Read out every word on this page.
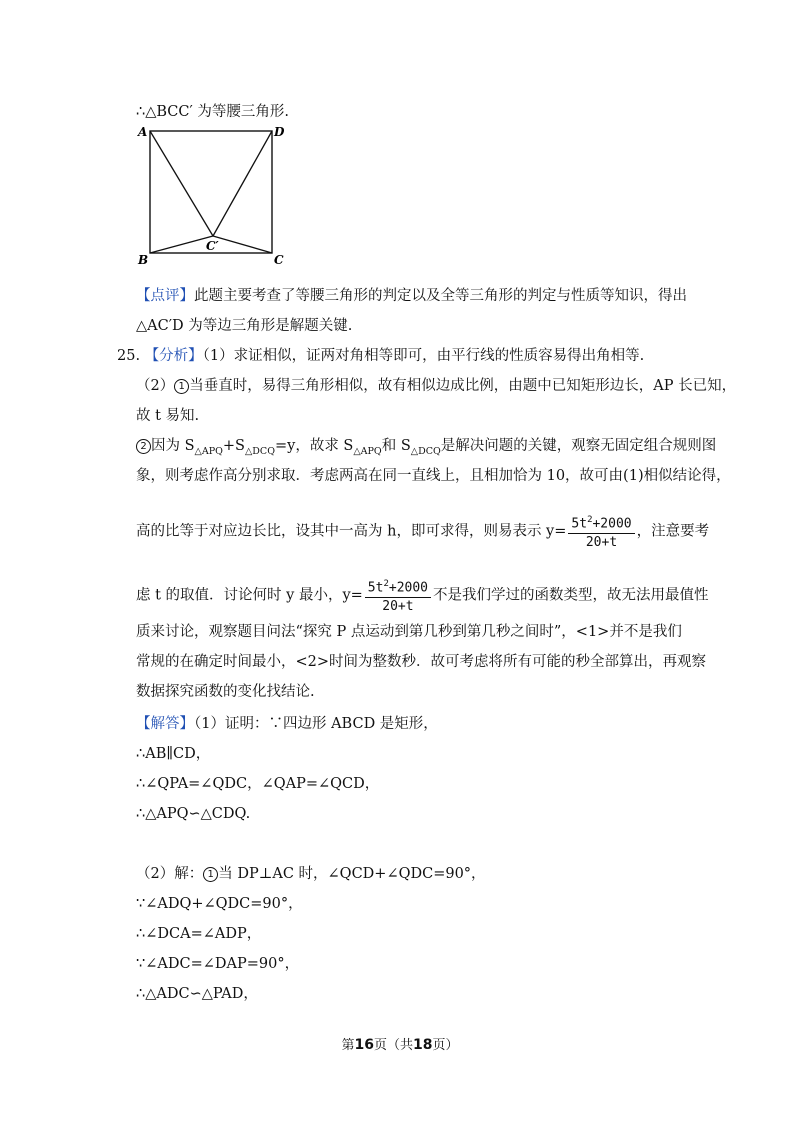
∴△BCC′ 为等腰三角形.
A	D
B	C
C′
【点评】此题主要考查了等腰三角形的判定以及全等三角形的判定与性质等知识，得出
△AC′D 为等边三角形是解题关键.
25. 【分析】（1）求证相似，证两对角相等即可，由平行线的性质容易得出角相等.
（2） 1 当垂直时，易得三角形相似，故有相似边成比例，由题中已知矩形边长，AP 长已知，
故 t 易知.
2 因为 $S_{\triangle APQ}+S_{\triangle DCQ}=y$，故求 $S_{\triangle APQ}$和 $S_{\triangle DCQ}$是解决问题的关键，观察无固定组合规则图
象，则考虑作高分别求取．考虑两高在同一直线上，且相加恰为 10，故可由(1)相似结论得，
高的比等于对应边长比，设其中一高为 h，即可求得，则易表示 $y= \frac{5t^2+2000}{20+t}$ ，注意要考
虑 t 的取值．讨论何时 y 最小，$y= \frac{5t^2+2000}{20+t}$ 不是我们学过的函数类型，故无法用最值性
质来讨论，观察题目问法“探究 P 点运动到第几秒到第几秒之间时”，<1>并不是我们
常规的在确定时间最小，<2>时间为整数秒．故可考虑将所有可能的秒全部算出，再观察
数据探究函数的变化找结论.
【解答】（1）证明：∵四边形 ABCD 是矩形，
∴AB∥CD，
∴∠QPA=∠QDC，∠QAP=∠QCD，
∴△APQ∽△CDQ.
（2）解： 1 当 DP⊥AC 时，∠QCD+∠QDC=90°，
∵∠ADQ+∠QDC=90°，
∴∠DCA=∠ADP，
∵∠ADC=∠DAP=90°，
∴△ADC∽△PAD，
第16页（共18页）
